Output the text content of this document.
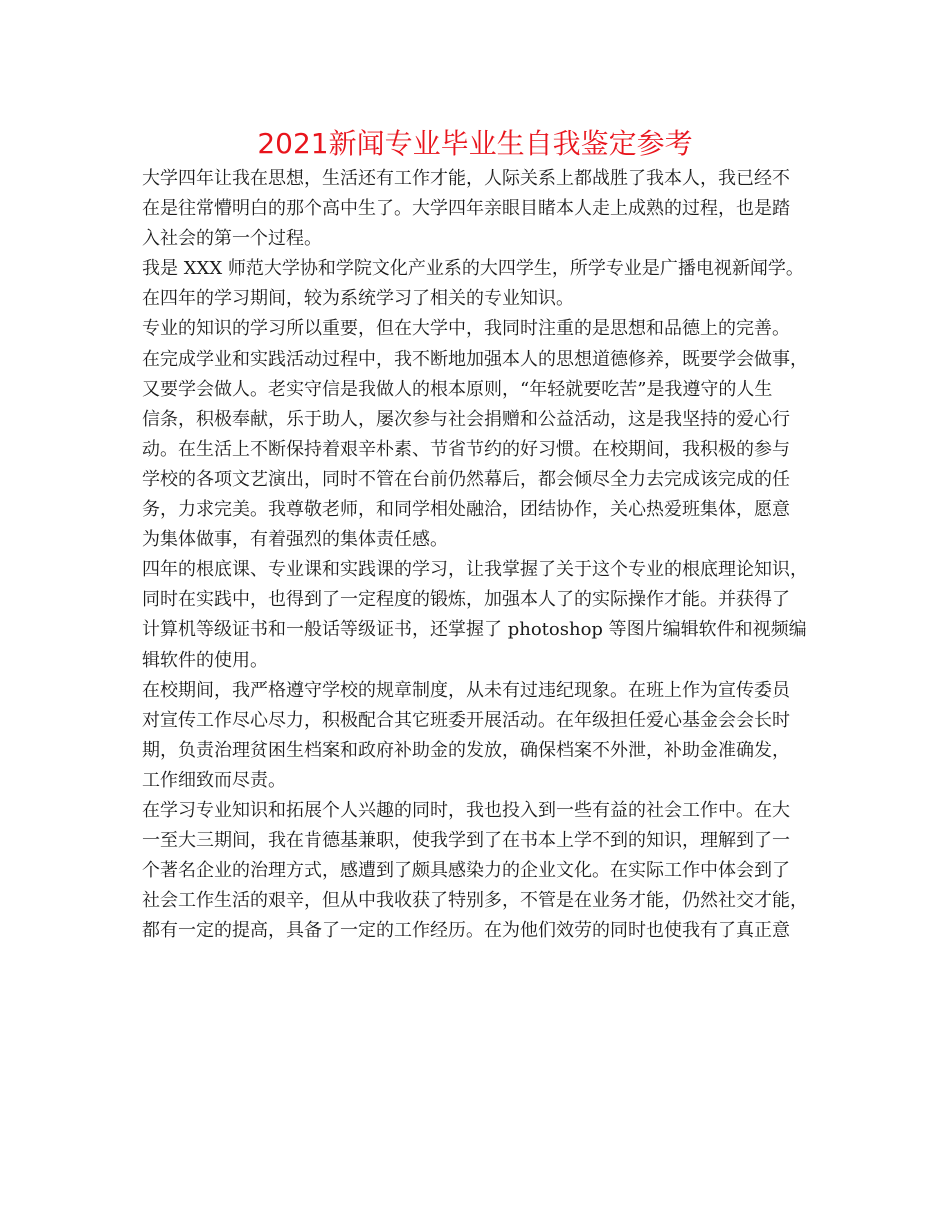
2021新闻专业毕业生自我鉴定参考
大学四年让我在思想，生活还有工作才能，人际关系上都战胜了我本人，我已经不
在是往常懵明白的那个高中生了。大学四年亲眼目睹本人走上成熟的过程，也是踏
入社会的第一个过程。
我是 XXX 师范大学协和学院文化产业系的大四学生，所学专业是广播电视新闻学。
在四年的学习期间，较为系统学习了相关的专业知识。
专业的知识的学习所以重要，但在大学中，我同时注重的是思想和品德上的完善。
在完成学业和实践活动过程中，我不断地加强本人的思想道德修养，既要学会做事，
又要学会做人。老实守信是我做人的根本原则，“年轻就要吃苦”是我遵守的人生
信条，积极奉献，乐于助人，屡次参与社会捐赠和公益活动，这是我坚持的爱心行
动。在生活上不断保持着艰辛朴素、节省节约的好习惯。在校期间，我积极的参与
学校的各项文艺演出，同时不管在台前仍然幕后，都会倾尽全力去完成该完成的任
务，力求完美。我尊敬老师，和同学相处融洽，团结协作，关心热爱班集体，愿意
为集体做事，有着强烈的集体责任感。
四年的根底课、专业课和实践课的学习，让我掌握了关于这个专业的根底理论知识，
同时在实践中，也得到了一定程度的锻炼，加强本人了的实际操作才能。并获得了
计算机等级证书和一般话等级证书，还掌握了 photoshop 等图片编辑软件和视频编
辑软件的使用。
在校期间，我严格遵守学校的规章制度，从未有过违纪现象。在班上作为宣传委员
对宣传工作尽心尽力，积极配合其它班委开展活动。在年级担任爱心基金会会长时
期，负责治理贫困生档案和政府补助金的发放，确保档案不外泄，补助金准确发，
工作细致而尽责。
在学习专业知识和拓展个人兴趣的同时，我也投入到一些有益的社会工作中。在大
一至大三期间，我在肯德基兼职，使我学到了在书本上学不到的知识，理解到了一
个著名企业的治理方式，感遭到了颇具感染力的企业文化。在实际工作中体会到了
社会工作生活的艰辛，但从中我收获了特别多，不管是在业务才能，仍然社交才能，
都有一定的提高，具备了一定的工作经历。在为他们效劳的同时也使我有了真正意
